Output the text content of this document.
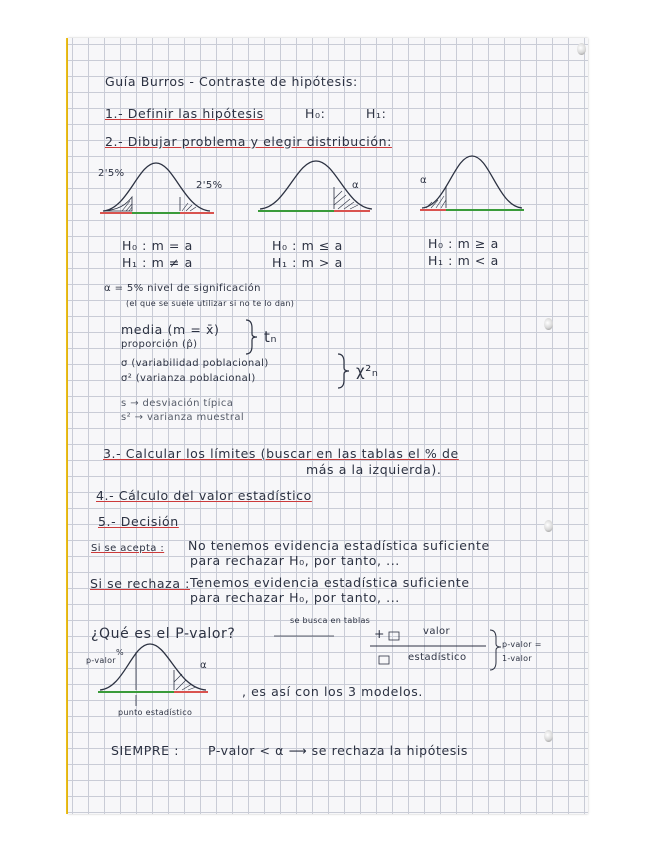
Guía Burros - Contraste de hipótesis:

1.- Definir las hipótesis	H₀:	H₁:

2.- Dibujar problema y elegir distribución:

2'5%

2'5%

H₀ : m = a

H₁ : m ≠ a

α

H₀ : m ≤ a

H₁ : m > a

α

H₀ : m ≥ a

H₁ : m < a

α = 5% nivel de significación

(el que se suele utilizar si no te lo dan)

media (m = x̄)

proporción (p̂)	tₙ

σ (variabilidad poblacional)

σ² (varianza poblacional)	χ²ₙ

s → desviación típica

s² → varianza muestral

3.- Calcular los límites (buscar en las tablas el % de

más a la izquierda).

4.- Cálculo del valor estadístico

5.- Decisión

Si se acepta : No tenemos evidencia estadística suficiente

para rechazar H₀, por tanto, ...

Si se rechaza : Tenemos evidencia estadística suficiente

para rechazar H₀, por tanto, ...

¿Qué es el P-valor?

se busca en tablas

+	valor

estadístico

p-valor =

1-valor

p-valor

%

α

punto estadístico

, es así con los 3 modelos.

SIEMPRE : P-valor < α ⟶ se rechaza la hipótesis
